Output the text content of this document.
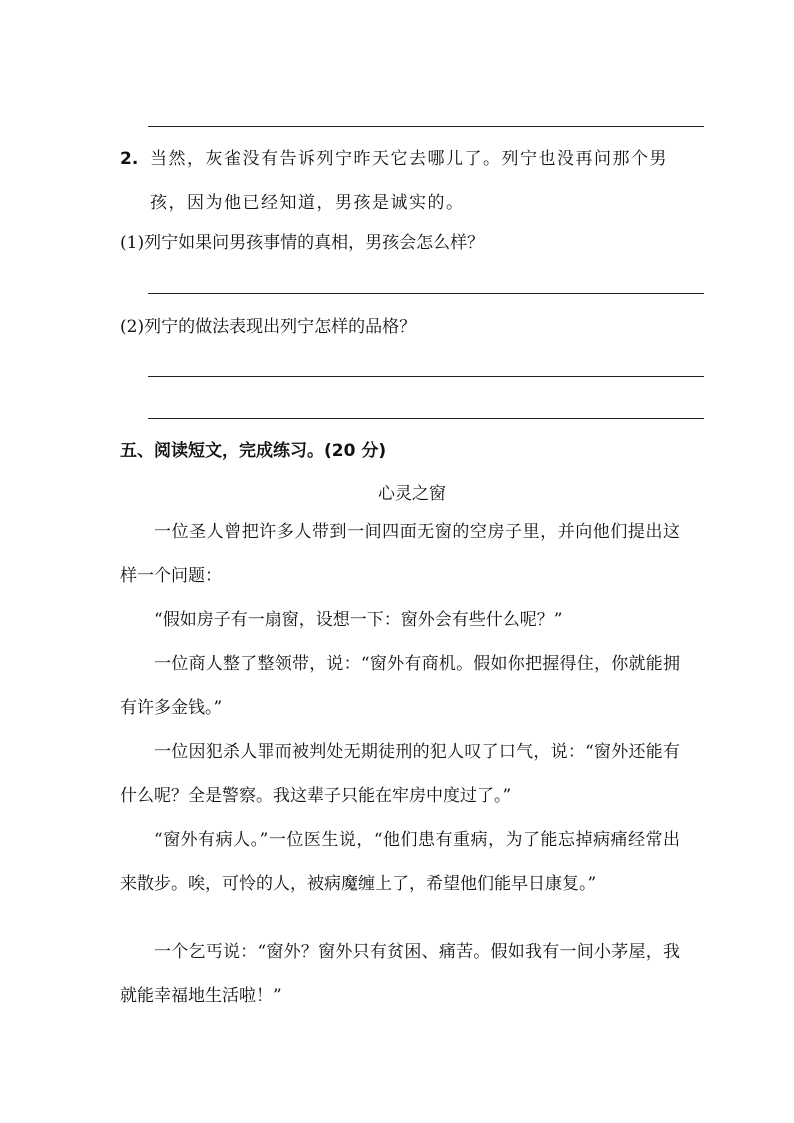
2. 当然，灰雀没有告诉列宁昨天它去哪儿了。列宁也没再问那个男
孩，因为他已经知道，男孩是诚实的。
(1)列宁如果问男孩事情的真相，男孩会怎么样？
(2)列宁的做法表现出列宁怎样的品格？
五、阅读短文，完成练习。(20 分)
心灵之窗

一位圣人曾把许多人带到一间四面无窗的空房子里，并向他们提出这样一个问题：

“假如房子有一扇窗，设想一下：窗外会有些什么呢？”

一位商人整了整领带，说：“窗外有商机。假如你把握得住，你就能拥有许多金钱。”

一位因犯杀人罪而被判处无期徒刑的犯人叹了口气，说：“窗外还能有什么呢？全是警察。我这辈子只能在牢房中度过了。”

“窗外有病人。”一位医生说，“他们患有重病，为了能忘掉病痛经常出来散步。唉，可怜的人，被病魔缠上了，希望他们能早日康复。”

一个乞丐说：“窗外？窗外只有贫困、痛苦。假如我有一间小茅屋，我就能幸福地生活啦！”
